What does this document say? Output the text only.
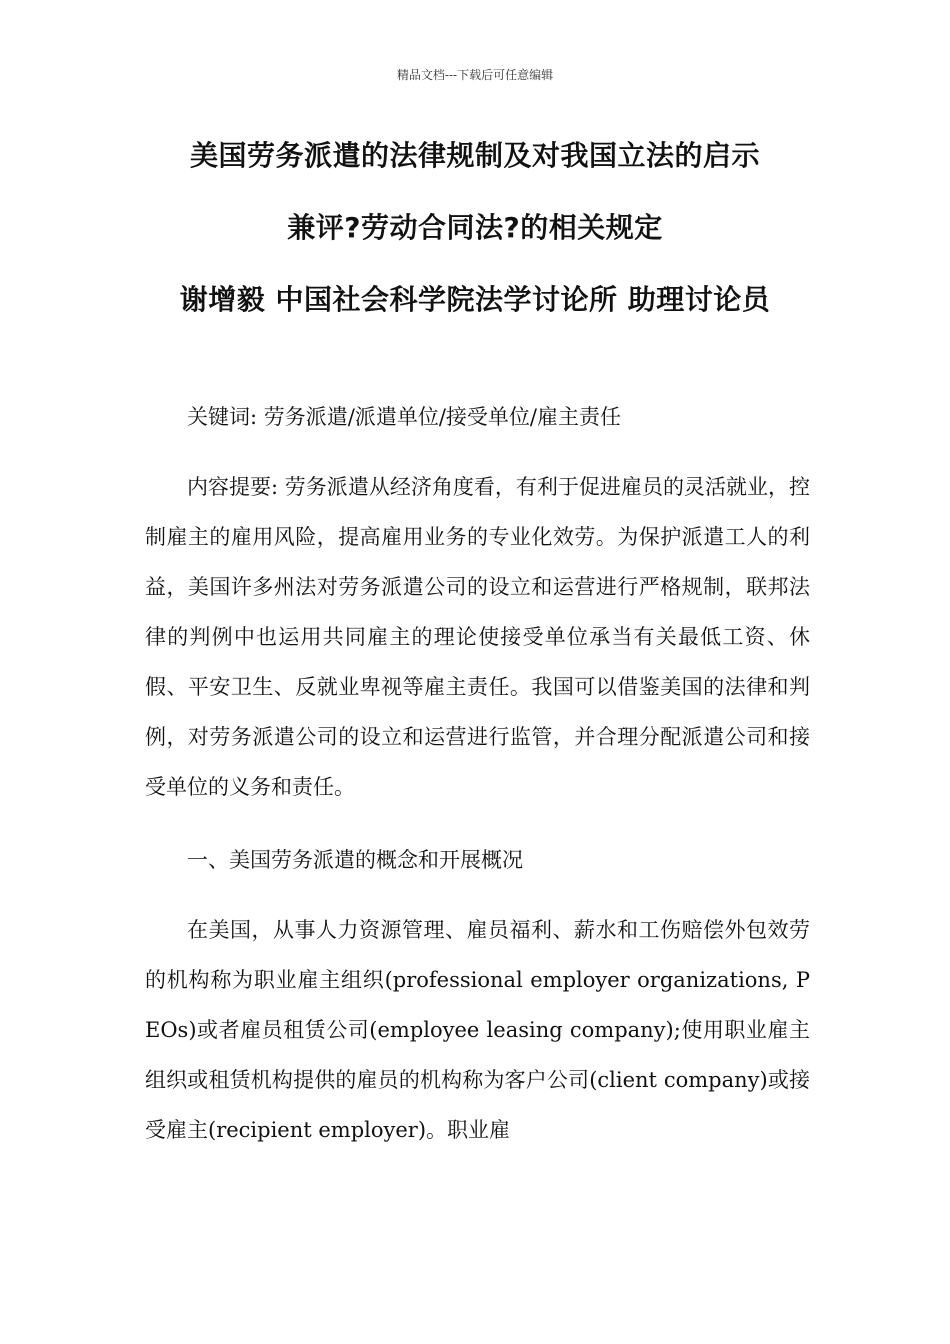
精品文档---下载后可任意编辑
美国劳务派遣的法律规制及对我国立法的启示
兼评?劳动合同法?的相关规定
谢增毅 中国社会科学院法学讨论所 助理讨论员
关键词: 劳务派遣/派遣单位/接受单位/雇主责任
内容提要: 劳务派遣从经济角度看，有利于促进雇员的灵活就业，控制雇主的雇用风险，提高雇用业务的专业化效劳。为保护派遣工人的利益，美国许多州法对劳务派遣公司的设立和运营进行严格规制，联邦法律的判例中也运用共同雇主的理论使接受单位承当有关最低工资、休假、平安卫生、反就业卑视等雇主责任。我国可以借鉴美国的法律和判例，对劳务派遣公司的设立和运营进行监管，并合理分配派遣公司和接受单位的义务和责任。
一、美国劳务派遣的概念和开展概况
在美国，从事人力资源管理、雇员福利、薪水和工伤赔偿外包效劳的机构称为职业雇主组织(professional employer organizations, PEOs)或者雇员租赁公司(employee leasing company);使用职业雇主组织或租赁机构提供的雇员的机构称为客户公司(client company)或接受雇主(recipient employer)。职业雇
